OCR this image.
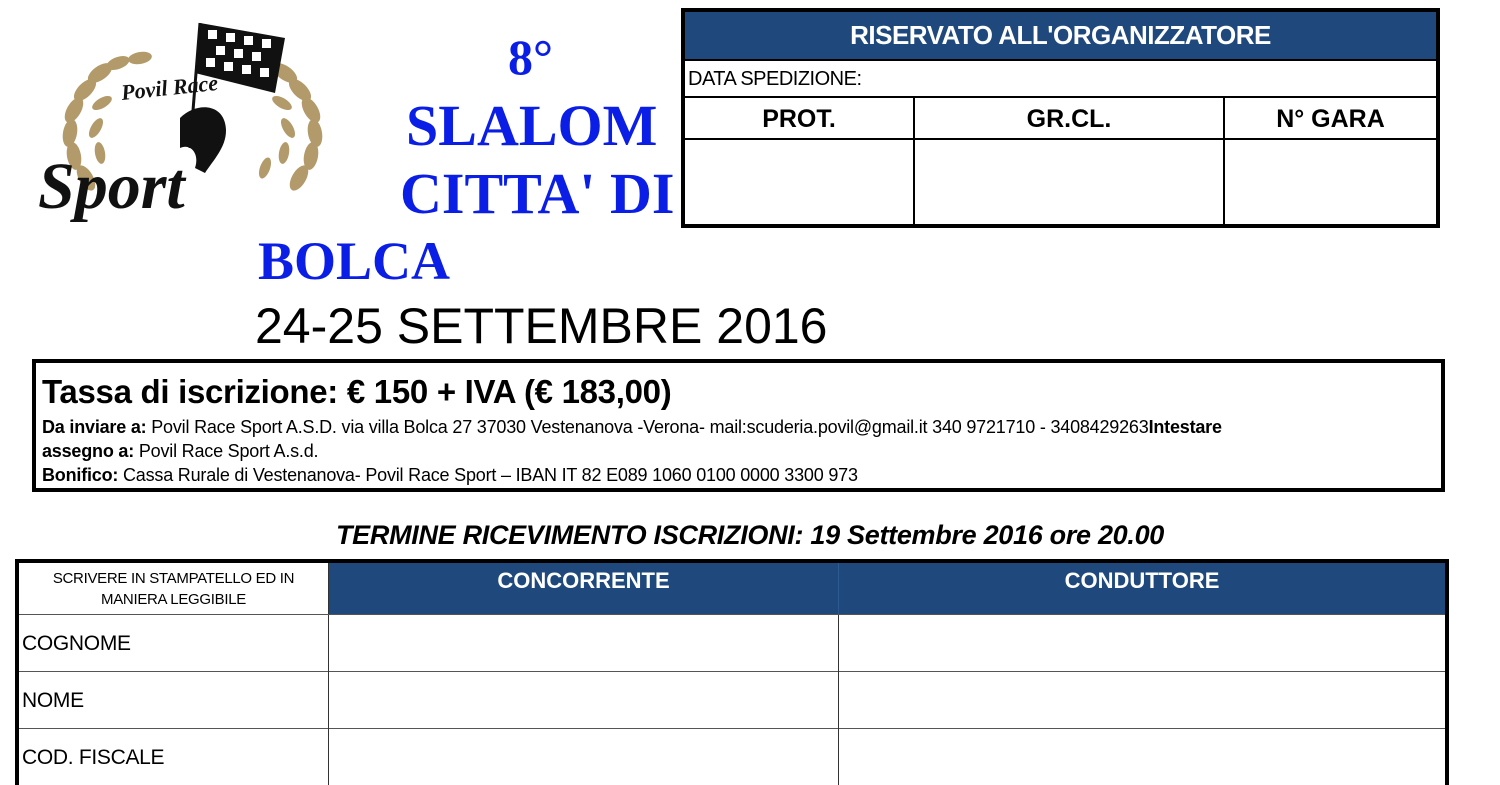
Povil Race
Sport
8°
SLALOM
CITTA' DI
BOLCA
24-25 SETTEMBRE 2016
RISERVATO ALL'ORGANIZZATORE
DATA SPEDIZIONE:
PROT.	GR.CL.	N° GARA
Tassa di iscrizione: € 150 + IVA (€ 183,00)
Da inviare a: Povil Race Sport A.S.D. via villa Bolca 27 37030 Vestenanova -Verona- mail:scuderia.povil@gmail.it 340 9721710 - 3408429263Intestare
assegno a: Povil Race Sport A.s.d.
Bonifico: Cassa Rurale di Vestenanova- Povil Race Sport – IBAN IT 82 E089 1060 0100 0000 3300 973
TERMINE RICEVIMENTO ISCRIZIONI: 19 Settembre 2016 ore 20.00
SCRIVERE IN STAMPATELLO ED IN
MANIERA LEGGIBILE
CONCORRENTE	CONDUTTORE
COGNOME
NOME
COD. FISCALE
